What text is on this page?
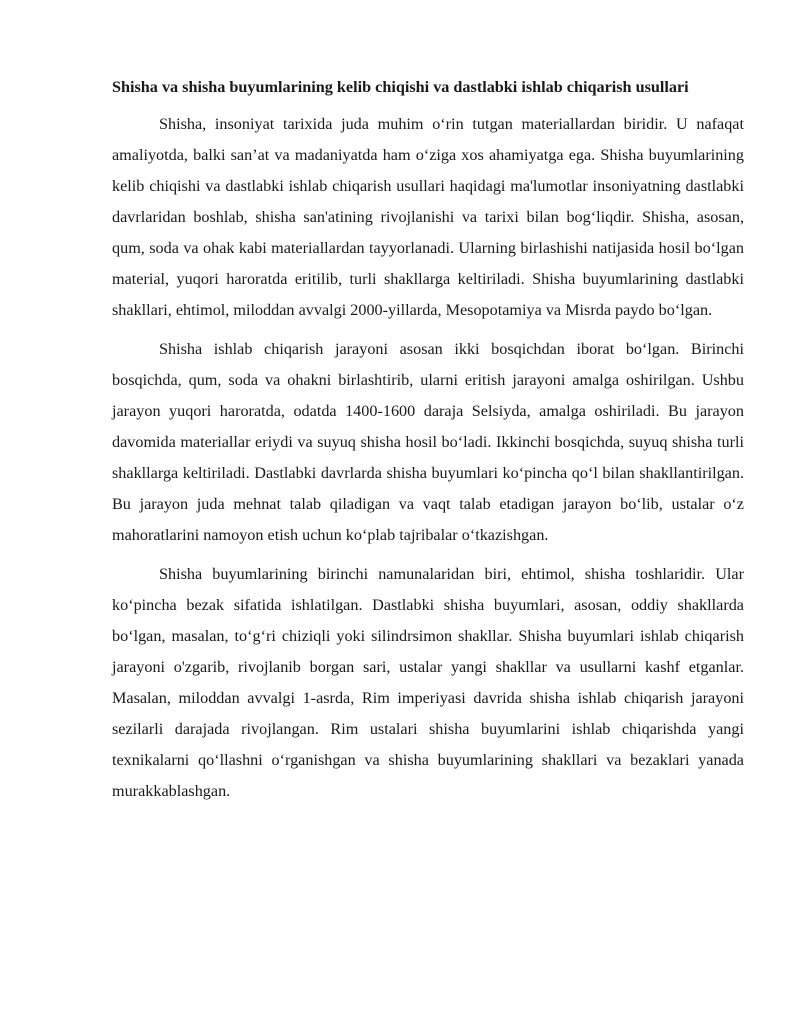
Shisha va shisha buyumlarining kelib chiqishi va dastlabki ishlab chiqarish usullari

Shisha, insoniyat tarixida juda muhim o‘rin tutgan materiallardan biridir. U nafaqat amaliyotda, balki san’at va madaniyatda ham o‘ziga xos ahamiyatga ega. Shisha buyumlarining kelib chiqishi va dastlabki ishlab chiqarish usullari haqidagi ma'lumotlar insoniyatning dastlabki davrlaridan boshlab, shisha san'atining rivojlanishi va tarixi bilan bog‘liqdir. Shisha, asosan, qum, soda va ohak kabi materiallardan tayyorlanadi. Ularning birlashishi natijasida hosil bo‘lgan material, yuqori haroratda eritilib, turli shakllarga keltiriladi. Shisha buyumlarining dastlabki shakllari, ehtimol, miloddan avvalgi 2000-yillarda, Mesopotamiya va Misrda paydo bo‘lgan.

Shisha ishlab chiqarish jarayoni asosan ikki bosqichdan iborat bo‘lgan. Birinchi bosqichda, qum, soda va ohakni birlashtirib, ularni eritish jarayoni amalga oshirilgan. Ushbu jarayon yuqori haroratda, odatda 1400-1600 daraja Selsiyda, amalga oshiriladi. Bu jarayon davomida materiallar eriydi va suyuq shisha hosil bo‘ladi. Ikkinchi bosqichda, suyuq shisha turli shakllarga keltiriladi. Dastlabki davrlarda shisha buyumlari ko‘pincha qo‘l bilan shakllantirilgan. Bu jarayon juda mehnat talab qiladigan va vaqt talab etadigan jarayon bo‘lib, ustalar o‘z mahoratlarini namoyon etish uchun ko‘plab tajribalar o‘tkazishgan.

Shisha buyumlarining birinchi namunalaridan biri, ehtimol, shisha toshlaridir. Ular ko‘pincha bezak sifatida ishlatilgan. Dastlabki shisha buyumlari, asosan, oddiy shakllarda bo‘lgan, masalan, to‘g‘ri chiziqli yoki silindrsimon shakllar. Shisha buyumlari ishlab chiqarish jarayoni o'zgarib, rivojlanib borgan sari, ustalar yangi shakllar va usullarni kashf etganlar. Masalan, miloddan avvalgi 1-asrda, Rim imperiyasi davrida shisha ishlab chiqarish jarayoni sezilarli darajada rivojlangan. Rim ustalari shisha buyumlarini ishlab chiqarishda yangi texnikalarni qo‘llashni o‘rganishgan va shisha buyumlarining shakllari va bezaklari yanada murakkablashgan.
